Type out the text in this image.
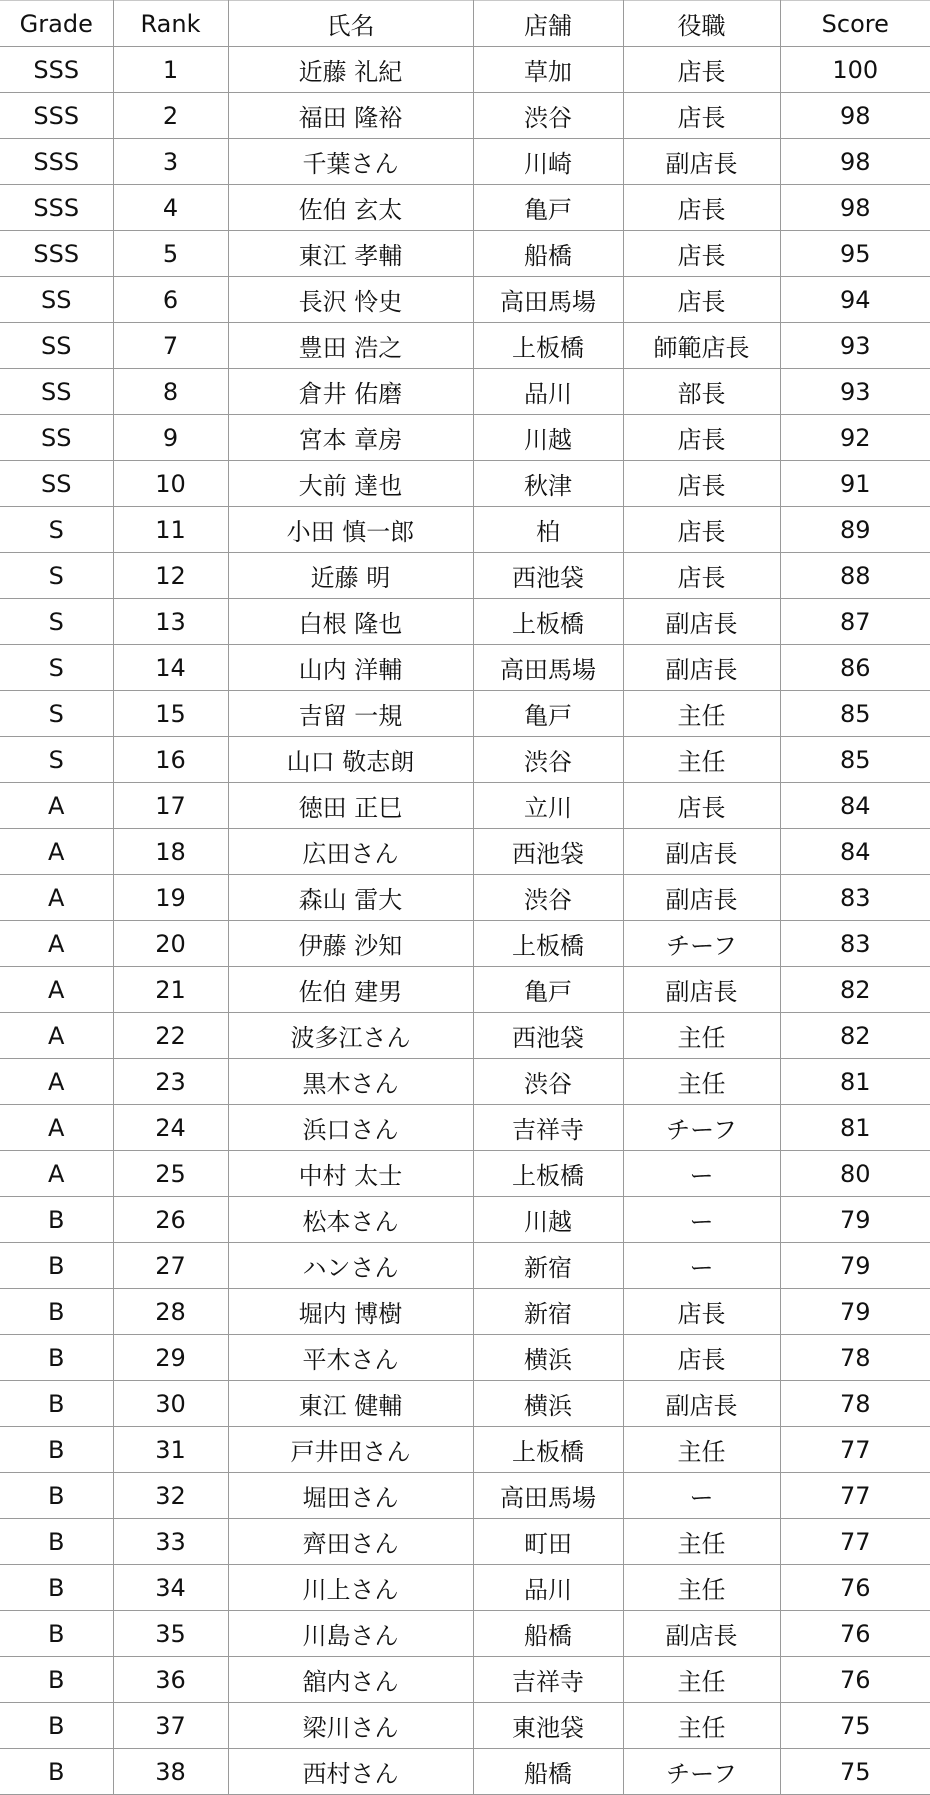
Grade	Rank	氏名	店舗	役職	Score
SSS	1	近藤 礼紀	草加	店長	100
SSS	2	福田 隆裕	渋谷	店長	98
SSS	3	千葉さん	川崎	副店長	98
SSS	4	佐伯 玄太	亀戸	店長	98
SSS	5	東江 孝輔	船橋	店長	95
SS	6	長沢 怜史	高田馬場	店長	94
SS	7	豊田 浩之	上板橋	師範店長	93
SS	8	倉井 佑磨	品川	部長	93
SS	9	宮本 章房	川越	店長	92
SS	10	大前 達也	秋津	店長	91
S	11	小田 慎一郎	柏	店長	89
S	12	近藤 明	西池袋	店長	88
S	13	白根 隆也	上板橋	副店長	87
S	14	山内 洋輔	高田馬場	副店長	86
S	15	吉留 一規	亀戸	主任	85
S	16	山口 敬志朗	渋谷	主任	85
A	17	徳田 正巳	立川	店長	84
A	18	広田さん	西池袋	副店長	84
A	19	森山 雷大	渋谷	副店長	83
A	20	伊藤 沙知	上板橋	チーフ	83
A	21	佐伯 建男	亀戸	副店長	82
A	22	波多江さん	西池袋	主任	82
A	23	黒木さん	渋谷	主任	81
A	24	浜口さん	吉祥寺	チーフ	81
A	25	中村 太士	上板橋	ー	80
B	26	松本さん	川越	ー	79
B	27	ハンさん	新宿	ー	79
B	28	堀内 博樹	新宿	店長	79
B	29	平木さん	横浜	店長	78
B	30	東江 健輔	横浜	副店長	78
B	31	戸井田さん	上板橋	主任	77
B	32	堀田さん	高田馬場	ー	77
B	33	齊田さん	町田	主任	77
B	34	川上さん	品川	主任	76
B	35	川島さん	船橋	副店長	76
B	36	舘内さん	吉祥寺	主任	76
B	37	梁川さん	東池袋	主任	75
B	38	西村さん	船橋	チーフ	75
